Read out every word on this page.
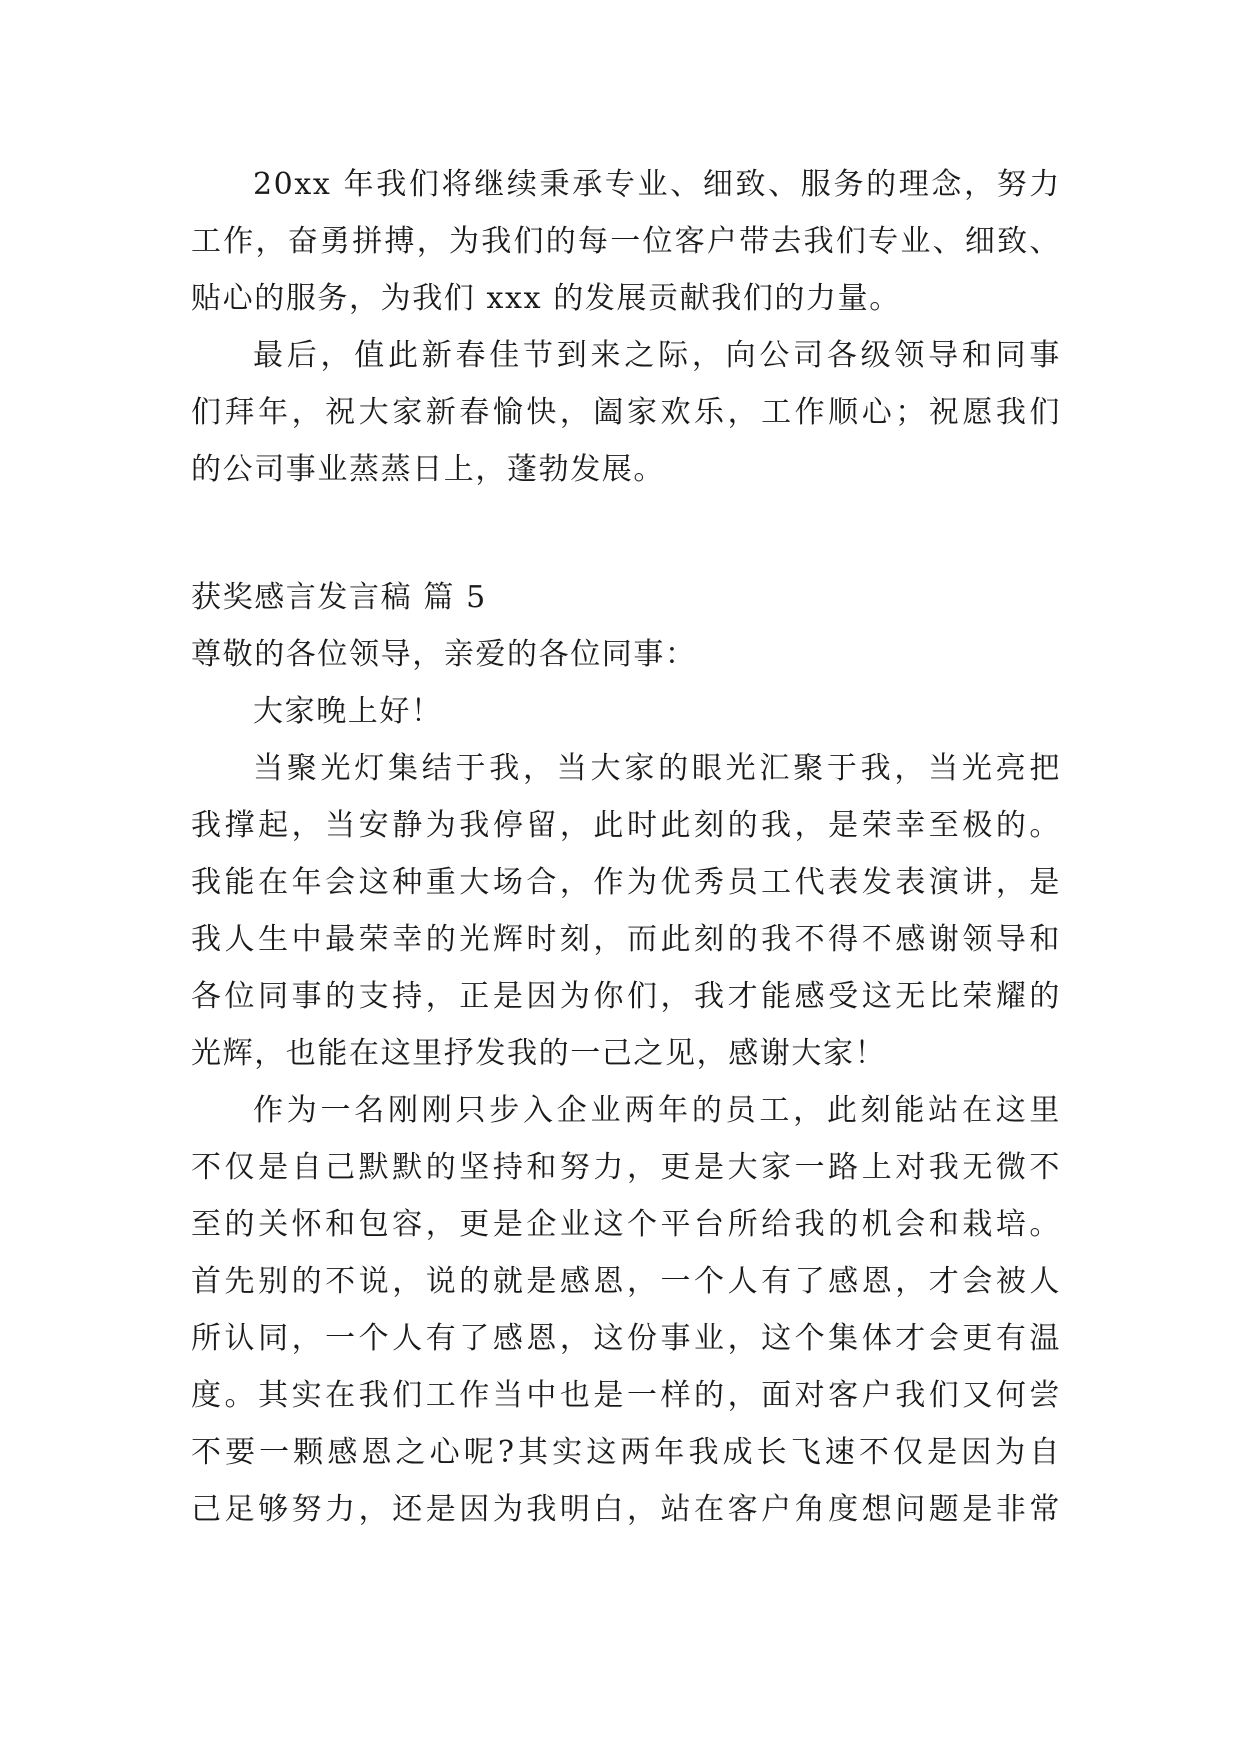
20xx 年我们将继续秉承专业、细致、服务的理念，努力
工作，奋勇拼搏，为我们的每一位客户带去我们专业、细致、
贴心的服务，为我们 xxx 的发展贡献我们的力量。
最后，值此新春佳节到来之际，向公司各级领导和同事
们拜年，祝大家新春愉快，阖家欢乐，工作顺心；祝愿我们
的公司事业蒸蒸日上，蓬勃发展。
获奖感言发言稿 篇 5
尊敬的各位领导，亲爱的各位同事：
大家晚上好！
当聚光灯集结于我，当大家的眼光汇聚于我，当光亮把
我撑起，当安静为我停留，此时此刻的我，是荣幸至极的。
我能在年会这种重大场合，作为优秀员工代表发表演讲，是
我人生中最荣幸的光辉时刻，而此刻的我不得不感谢领导和
各位同事的支持，正是因为你们，我才能感受这无比荣耀的
光辉，也能在这里抒发我的一己之见，感谢大家！
作为一名刚刚只步入企业两年的员工，此刻能站在这里
不仅是自己默默的坚持和努力，更是大家一路上对我无微不
至的关怀和包容，更是企业这个平台所给我的机会和栽培。
首先别的不说，说的就是感恩，一个人有了感恩，才会被人
所认同，一个人有了感恩，这份事业，这个集体才会更有温
度。其实在我们工作当中也是一样的，面对客户我们又何尝
不要一颗感恩之心呢?其实这两年我成长飞速不仅是因为自
己足够努力，还是因为我明白，站在客户角度想问题是非常
